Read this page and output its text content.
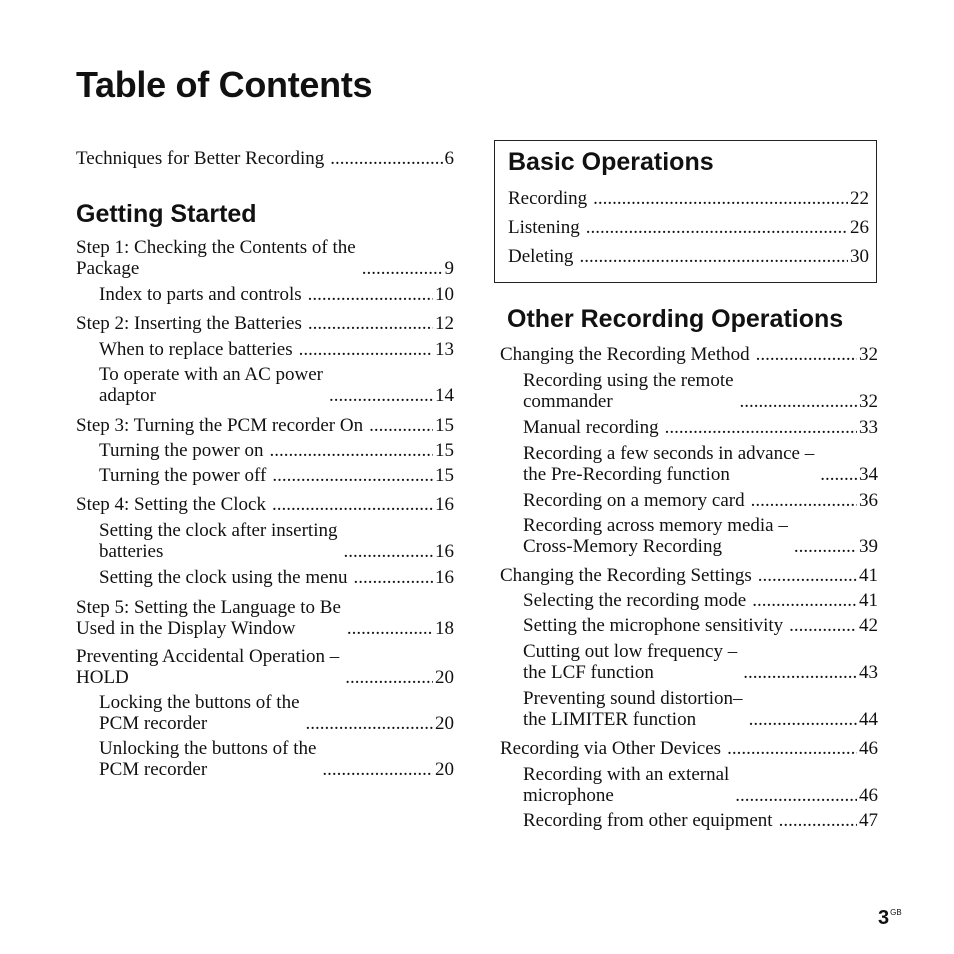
Table of Contents
Techniques for Better Recording .....	6
Getting Started
Step 1: Checking the Contents of the
Package .....	9
Index to parts and controls .....	10
Step 2: Inserting the Batteries .....	12
When to replace batteries .....	13
To operate with an AC power
adaptor .....	14
Step 3: Turning the PCM recorder On .....	15
Turning the power on .....	15
Turning the power off .....	15
Step 4: Setting the Clock .....	16
Setting the clock after inserting
batteries .....	16
Setting the clock using the menu .....	16
Step 5: Setting the Language to Be
Used in the Display Window .....	18
Preventing Accidental Operation –
HOLD .....	20
Locking the buttons of the
PCM recorder .....	20
Unlocking the buttons of the
PCM recorder .....	20
Basic Operations
Recording .....	22
Listening .....	26
Deleting .....	30
Other Recording Operations
Changing the Recording Method .....	32
Recording using the remote
commander .....	32
Manual recording .....	33
Recording a few seconds in advance –
the Pre-Recording function .....	34
Recording on a memory card .....	36
Recording across memory media –
Cross-Memory Recording .....	39
Changing the Recording Settings .....	41
Selecting the recording mode .....	41
Setting the microphone sensitivity .....	42
Cutting out low frequency –
the LCF function .....	43
Preventing sound distortion–
the LIMITER function .....	44
Recording via Other Devices .....	46
Recording with an external
microphone .....	46
Recording from other equipment .....	47
$3^{GB}$
